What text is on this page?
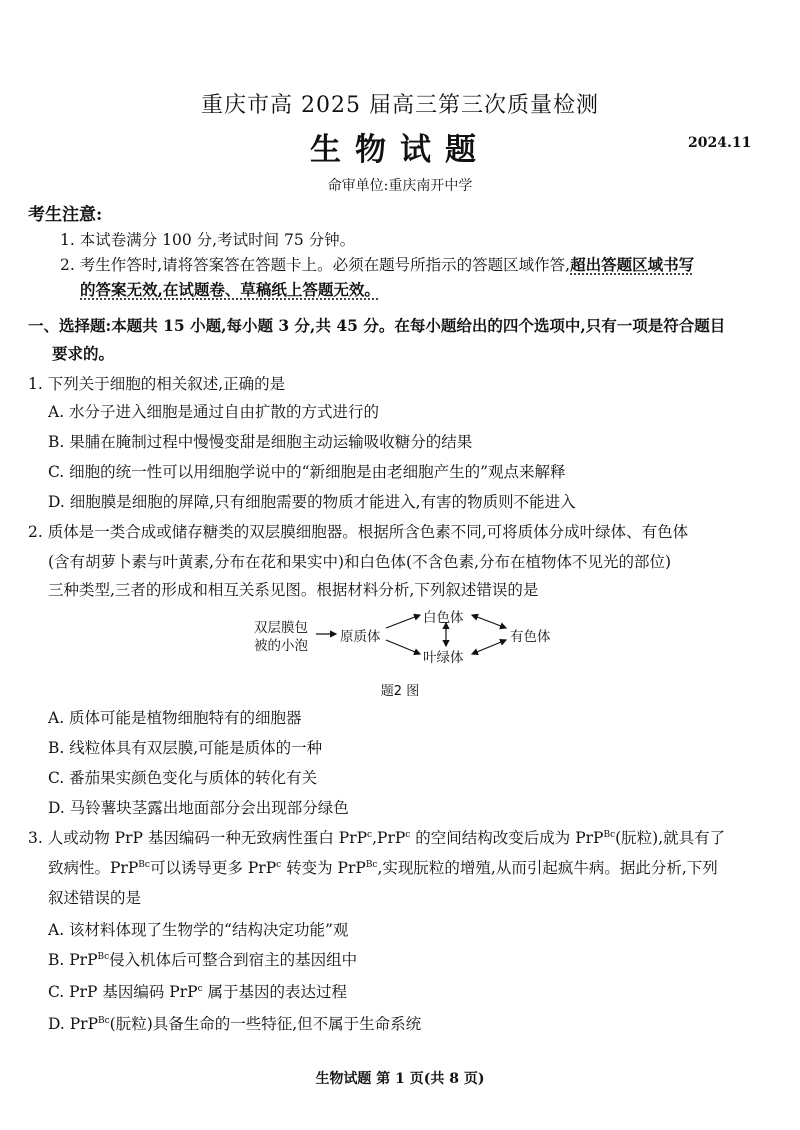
重庆市高 2025 届高三第三次质量检测
生物试题	2024.11
命审单位:重庆南开中学
考生注意:
1. 本试卷满分 100 分,考试时间 75 分钟。
2. 考生作答时,请将答案答在答题卡上。必须在题号所指示的答题区域作答,超出答题区域书写
的答案无效,在试题卷、草稿纸上答题无效。
一、选择题:本题共 15 小题,每小题 3 分,共 45 分。在每小题给出的四个选项中,只有一项是符合题目
要求的。
1. 下列关于细胞的相关叙述,正确的是
A. 水分子进入细胞是通过自由扩散的方式进行的
B. 果脯在腌制过程中慢慢变甜是细胞主动运输吸收糖分的结果
C. 细胞的统一性可以用细胞学说中的“新细胞是由老细胞产生的”观点来解释
D. 细胞膜是细胞的屏障,只有细胞需要的物质才能进入,有害的物质则不能进入
2. 质体是一类合成或储存糖类的双层膜细胞器。根据所含色素不同,可将质体分成叶绿体、有色体
(含有胡萝卜素与叶黄素,分布在花和果实中)和白色体(不含色素,分布在植物体不见光的部位)
三种类型,三者的形成和相互关系见图。根据材料分析,下列叙述错误的是
双层膜包
被的小泡
原质体
白色体
有色体
叶绿体
题2 图
A. 质体可能是植物细胞特有的细胞器
B. 线粒体具有双层膜,可能是质体的一种
C. 番茄果实颜色变化与质体的转化有关
D. 马铃薯块茎露出地面部分会出现部分绿色
3. 人或动物 PrP 基因编码一种无致病性蛋白 PrP$^c$,PrP$^c$ 的空间结构改变后成为 PrP$^{Bc}$(朊粒),就具有了
致病性。PrP$^{Bc}$可以诱导更多 PrP$^c$ 转变为 PrP$^{Bc}$,实现朊粒的增殖,从而引起疯牛病。据此分析,下列
叙述错误的是
A. 该材料体现了生物学的“结构决定功能”观
B. PrP$^{Bc}$侵入机体后可整合到宿主的基因组中
C. PrP 基因编码 PrP$^c$ 属于基因的表达过程
D. PrP$^{Bc}$(朊粒)具备生命的一些特征,但不属于生命系统
生物试题 第 1 页(共 8 页)
